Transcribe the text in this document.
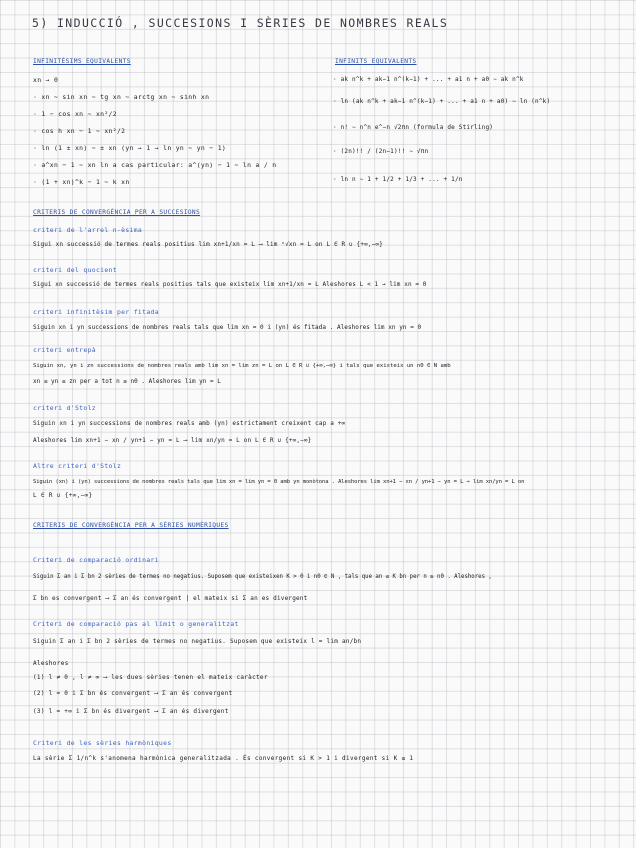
5) INDUCCIÓ , SUCCESIONS I SÈRIES DE NOMBRES REALS
INFINITÈSIMS EQUIVALENTS
xn → 0
· xn ∼ sin xn ∼ tg xn ∼ arctg xn ∼ sinh xn
· 1 − cos xn ∼ xn²/2
· cos h xn − 1 ∼ xn²/2
· ln (1 ± xn) ∼ ± xn (yn → 1 → ln yn ∼ yn − 1)
· a^xn − 1 ∼ xn ln a cas particular: a^(yn) − 1 ∼ ln a / n
· (1 + xn)^k − 1 ∼ k xn
INFINITS EQUIVALENTS
· ak n^k + ak−1 n^(k−1) + ... + a1 n + a0 ∼ ak n^k
· ln (ak n^k + ak−1 n^(k−1) + ... + a1 n + a0) ∼ ln (n^k)
· n! ∼ n^n e^−n √2πn (formula de Stirling)
· (2n)!! / (2n−1)!! ∼ √πn
· ln n ∼ 1 + 1/2 + 1/3 + ... + 1/n
CRITERIS DE CONVERGÈNCIA PER A SUCCESIONS
criteri de l'arrel n-èsima
Sigui xn successió de termes reals positius lim xn+1/xn = L ⟶ lim ⁿ√xn = L on L ∈ R ∪ {+∞,−∞}
criteri del quocient
Sigui xn successió de termes reals positius tals que existeix lim xn+1/xn = L Aleshores L < 1 → lim xn = 0
criteri infinitèsim per fitada
Siguin xn i yn successions de nombres reals tals que lim xn = 0 i (yn) és fitada . Aleshores lim xn yn = 0
criteri entrepà
Siguin xn, yn i zn successions de nombres reals amb lim xn = lim zn = L on L ∈ R ∪ {+∞,−∞} i tals que existeix un n0 ∈ N amb
xn ≤ yn ≤ zn per a tot n ≥ n0 . Aleshores lim yn = L
criteri d'Stolz
Siguin xn i yn successions de nombres reals amb (yn) estrictament creixent cap a +∞
Aleshores lim xn+1 − xn / yn+1 − yn = L ⟶ lim xn/yn = L on L ∈ R ∪ {+∞,−∞}
Altre criteri d'Stolz
Siguin (xn) i (yn) successions de nombres reals tals que lim xn = lim yn = 0 amb yn monòtona . Aleshores lim xn+1 − xn / yn+1 − yn = L → lim xn/yn = L on
L ∈ R ∪ {+∞,−∞}
CRITERIS DE CONVERGÈNCIA PER A SÈRIES NUMÈRIQUES
Criteri de comparació ordinari
Siguin Σ an i Σ bn 2 sèries de termes no negatius. Suposem que existeixen K > 0 i n0 ∈ N , tals que an ≤ K bn per n ≥ n0 . Aleshores ,
Σ bn es convergent ⟶ Σ an és convergent | el mateix si Σ an es divergent
Criteri de comparació pas al límit o generalitzat
Siguin Σ an i Σ bn 2 sèries de termes no negatius. Suposem que existeix l = lim an/bn
Aleshores
(1) l ≠ 0 , l ≠ ∞ ⟶ les dues sèries tenen el mateix caràcter
(2) l = 0 i Σ bn és convergent ⟶ Σ an és convergent
(3) l = +∞ i Σ bn és divergent ⟶ Σ an és divergent
Criteri de les sèries harmòniques
La sèrie Σ 1/n^k s'anomena harmònica generalitzada . És convergent si K > 1 i divergent si K ≤ 1
